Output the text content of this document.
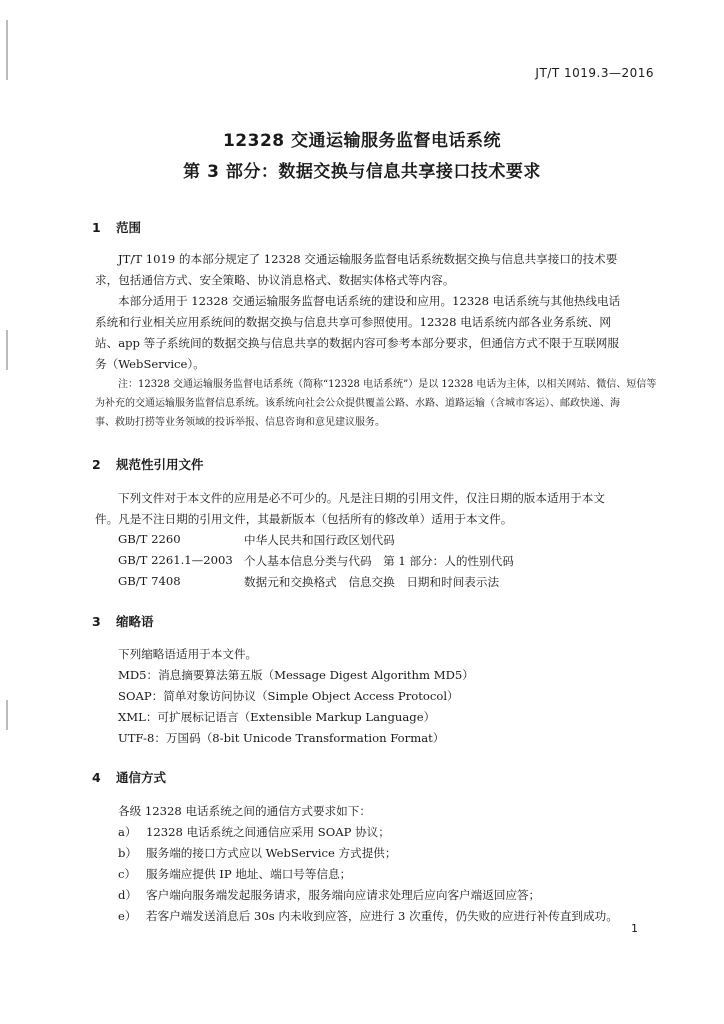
JT/T 1019.3—2016
12328 交通运输服务监督电话系统
第 3 部分：数据交换与信息共享接口技术要求
1 范围
JT/T 1019 的本部分规定了 12328 交通运输服务监督电话系统数据交换与信息共享接口的技术要
求，包括通信方式、安全策略、协议消息格式、数据实体格式等内容。
本部分适用于 12328 交通运输服务监督电话系统的建设和应用。12328 电话系统与其他热线电话
系统和行业相关应用系统间的数据交换与信息共享可参照使用。12328 电话系统内部各业务系统、网
站、app 等子系统间的数据交换与信息共享的数据内容可参考本部分要求，但通信方式不限于互联网服
务（WebService）。
注：12328 交通运输服务监督电话系统（简称“12328 电话系统”）是以 12328 电话为主体，以相关网站、微信、短信等
为补充的交通运输服务监督信息系统。该系统向社会公众提供覆盖公路、水路、道路运输（含城市客运）、邮政快递、海
事、救助打捞等业务领域的投诉举报、信息咨询和意见建议服务。
2 规范性引用文件
下列文件对于本文件的应用是必不可少的。凡是注日期的引用文件，仅注日期的版本适用于本文
件。凡是不注日期的引用文件，其最新版本（包括所有的修改单）适用于本文件。
GB/T 2260	中华人民共和国行政区划代码
GB/T 2261.1—2003 个人基本信息分类与代码　第 1 部分：人的性别代码
GB/T 7408	数据元和交换格式　信息交换　日期和时间表示法
3 缩略语
下列缩略语适用于本文件。
MD5：消息摘要算法第五版（Message Digest Algorithm MD5）
SOAP：简单对象访问协议（Simple Object Access Protocol）
XML：可扩展标记语言（Extensible Markup Language）
UTF-8：万国码（8-bit Unicode Transformation Format）
4 通信方式
各级 12328 电话系统之间的通信方式要求如下：
a） 12328 电话系统之间通信应采用 SOAP 协议；
b） 服务端的接口方式应以 WebService 方式提供；
c） 服务端应提供 IP 地址、端口号等信息；
d） 客户端向服务端发起服务请求，服务端向应请求处理后应向客户端返回应答；
e） 若客户端发送消息后 30s 内未收到应答，应进行 3 次重传，仍失败的应进行补传直到成功。
1
